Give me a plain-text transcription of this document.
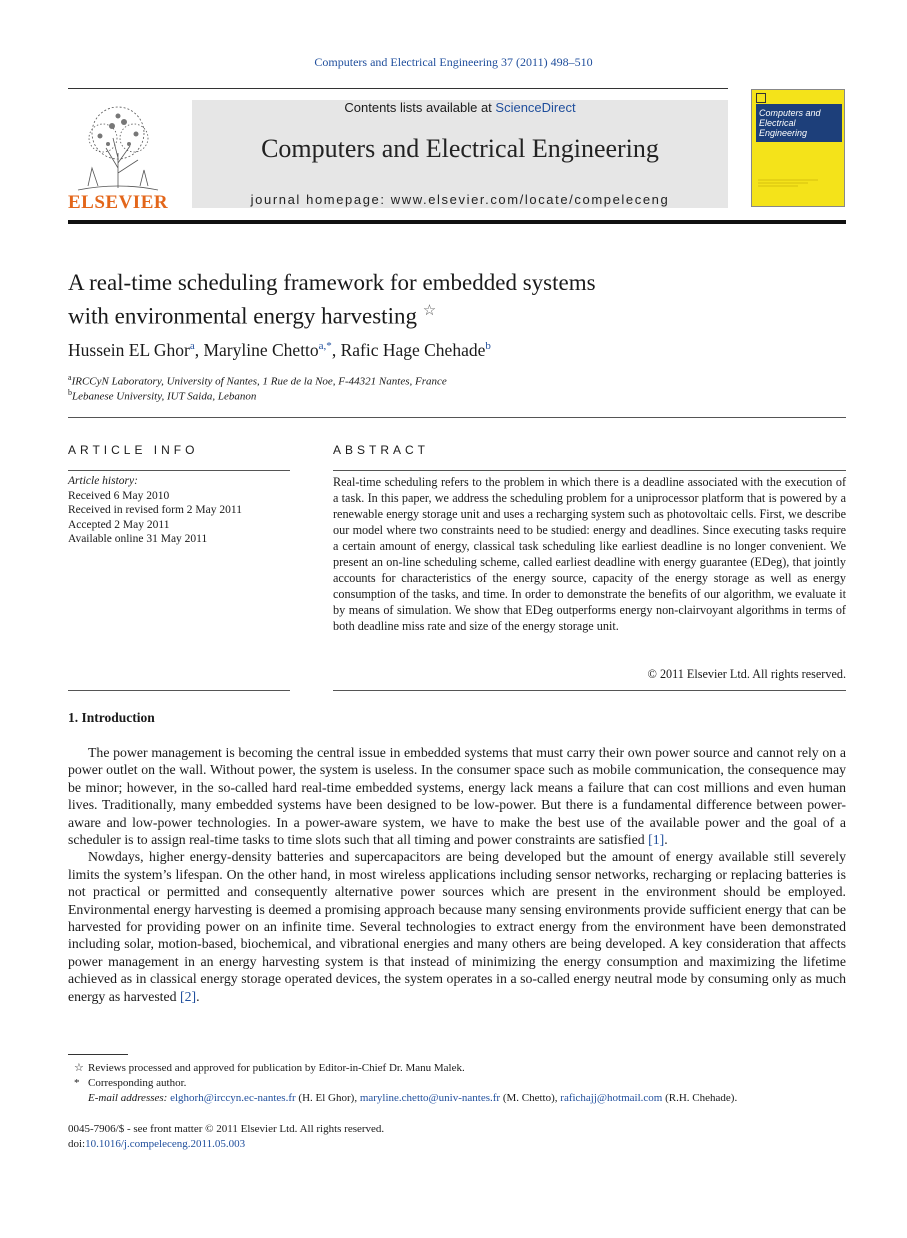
Computers and Electrical Engineering 37 (2011) 498–510
ELSEVIER
Contents lists available at ScienceDirect
Computers and Electrical Engineering
journal homepage: www.elsevier.com/locate/compeleceng
Computers and Electrical Engineering
A real-time scheduling framework for embedded systems
with environmental energy harvesting ☆
Hussein EL Ghor$^a$, Maryline Chetto$^{a,*}$, Rafic Hage Chehade$^b$
$^a$IRCCyN Laboratory, University of Nantes, 1 Rue de la Noe, F-44321 Nantes, France
$^b$Lebanese University, IUT Saida, Lebanon
ARTICLE INFO
Article history:
Received 6 May 2010
Received in revised form 2 May 2011
Accepted 2 May 2011
Available online 31 May 2011
ABSTRACT
Real-time scheduling refers to the problem in which there is a deadline associated with the execution of a task. In this paper, we address the scheduling problem for a uniprocessor platform that is powered by a renewable energy storage unit and uses a recharging system such as photovoltaic cells. First, we describe our model where two constraints need to be studied: energy and deadlines. Since executing tasks require a certain amount of energy, classical task scheduling like earliest deadline is no longer convenient. We present an on-line scheduling scheme, called earliest deadline with energy guarantee (EDeg), that jointly accounts for characteristics of the energy source, capacity of the energy storage as well as energy consumption of the tasks, and time. In order to demonstrate the benefits of our algorithm, we evaluate it by means of simulation. We show that EDeg outperforms energy non-clairvoyant algorithms in terms of both deadline miss rate and size of the energy storage unit.
© 2011 Elsevier Ltd. All rights reserved.
1. Introduction

The power management is becoming the central issue in embedded systems that must carry their own power source and cannot rely on a power outlet on the wall. Without power, the system is useless. In the consumer space such as mobile communication, the consequence may be minor; however, in the so-called hard real-time embedded systems, energy lack means a failure that can cost millions and even human lives. Traditionally, many embedded systems have been designed to be low-power. But there is a fundamental difference between power-aware and low-power technologies. In a power-aware system, we have to make the best use of the available power and the goal of a scheduler is to assign real-time tasks to time slots such that all timing and power constraints are satisfied [1].

Nowdays, higher energy-density batteries and supercapacitors are being developed but the amount of energy available still severely limits the system’s lifespan. On the other hand, in most wireless applications including sensor networks, recharging or replacing batteries is not practical or permitted and consequently alternative power sources which are present in the environment should be employed. Environmental energy harvesting is deemed a promising approach because many sensing environments provide sufficient energy that can be harvested for providing power on an infinite time. Several technologies to extract energy from the environment have been demonstrated including solar, motion-based, biochemical, and vibrational energies and many others are being developed. A key consideration that affects power management in an energy harvesting system is that instead of minimizing the energy consumption and maximizing the lifetime achieved as in classical energy storage operated devices, the system operates in a so-called energy neutral mode by consuming only as much energy as harvested [2].

☆ Reviews processed and approved for publication by Editor-in-Chief Dr. Manu Malek.
* Corresponding author.
E-mail addresses: elghorh@irccyn.ec-nantes.fr (H. El Ghor), maryline.chetto@univ-nantes.fr (M. Chetto), rafichajj@hotmail.com (R.H. Chehade).
0045-7906/$ - see front matter © 2011 Elsevier Ltd. All rights reserved.
doi:10.1016/j.compeleceng.2011.05.003
